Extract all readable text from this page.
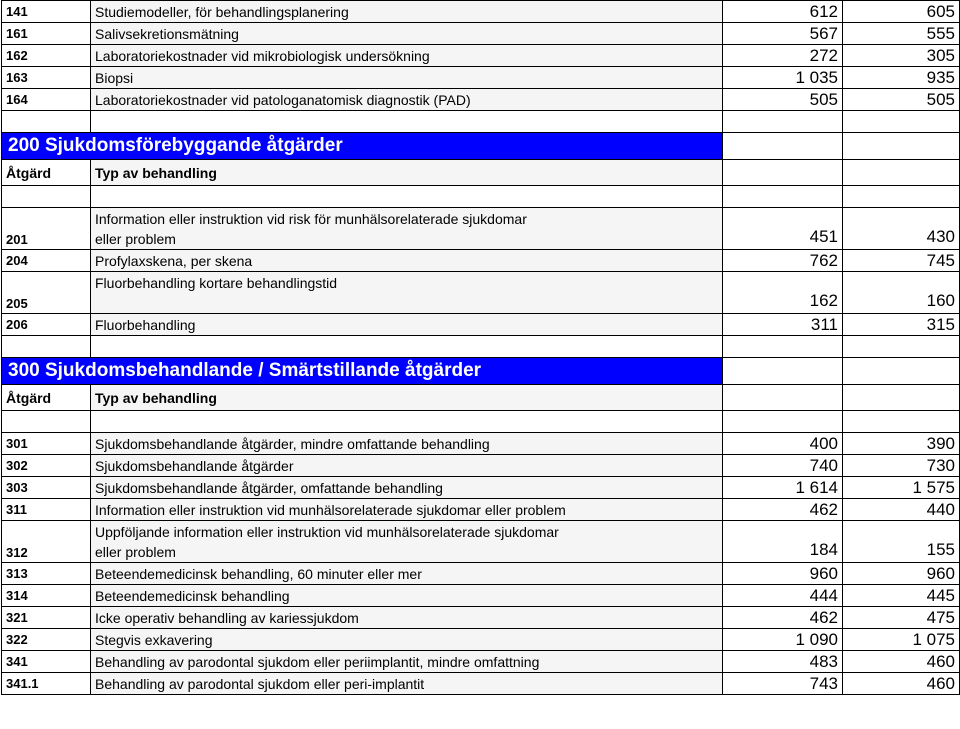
141	Studiemodeller, för behandlingsplanering	612	605
161	Salivsekretionsmätning	567	555
162	Laboratoriekostnader vid mikrobiologisk undersökning	272	305
163	Biopsi	1 035	935
164	Laboratoriekostnader vid patologanatomisk diagnostik (PAD)	505	505

200 Sjukdomsförebyggande åtgärder			
Åtgärd	Typ av behandling		

201	Information eller instruktion vid risk för munhälsorelaterade sjukdomar
eller problem	451	430
204	Profylaxskena, per skena	762	745
205	Fluorbehandling kortare behandlingstid	162	160
206	Fluorbehandling	311	315

300 Sjukdomsbehandlande / Smärtstillande åtgärder			
Åtgärd	Typ av behandling		

301	Sjukdomsbehandlande åtgärder, mindre omfattande behandling	400	390
302	Sjukdomsbehandlande åtgärder	740	730
303	Sjukdomsbehandlande åtgärder, omfattande behandling	1 614	1 575
311	Information eller instruktion vid munhälsorelaterade sjukdomar eller problem	462	440
312	Uppföljande information eller instruktion vid munhälsorelaterade sjukdomar
eller problem	184	155
313	Beteendemedicinsk behandling, 60 minuter eller mer	960	960
314	Beteendemedicinsk behandling	444	445
321	Icke operativ behandling av kariessjukdom	462	475
322	Stegvis exkavering	1 090	1 075
341	Behandling av parodontal sjukdom eller periimplantit, mindre omfattning	483	460
341.1	Behandling av parodontal sjukdom eller peri-implantit	743	460
